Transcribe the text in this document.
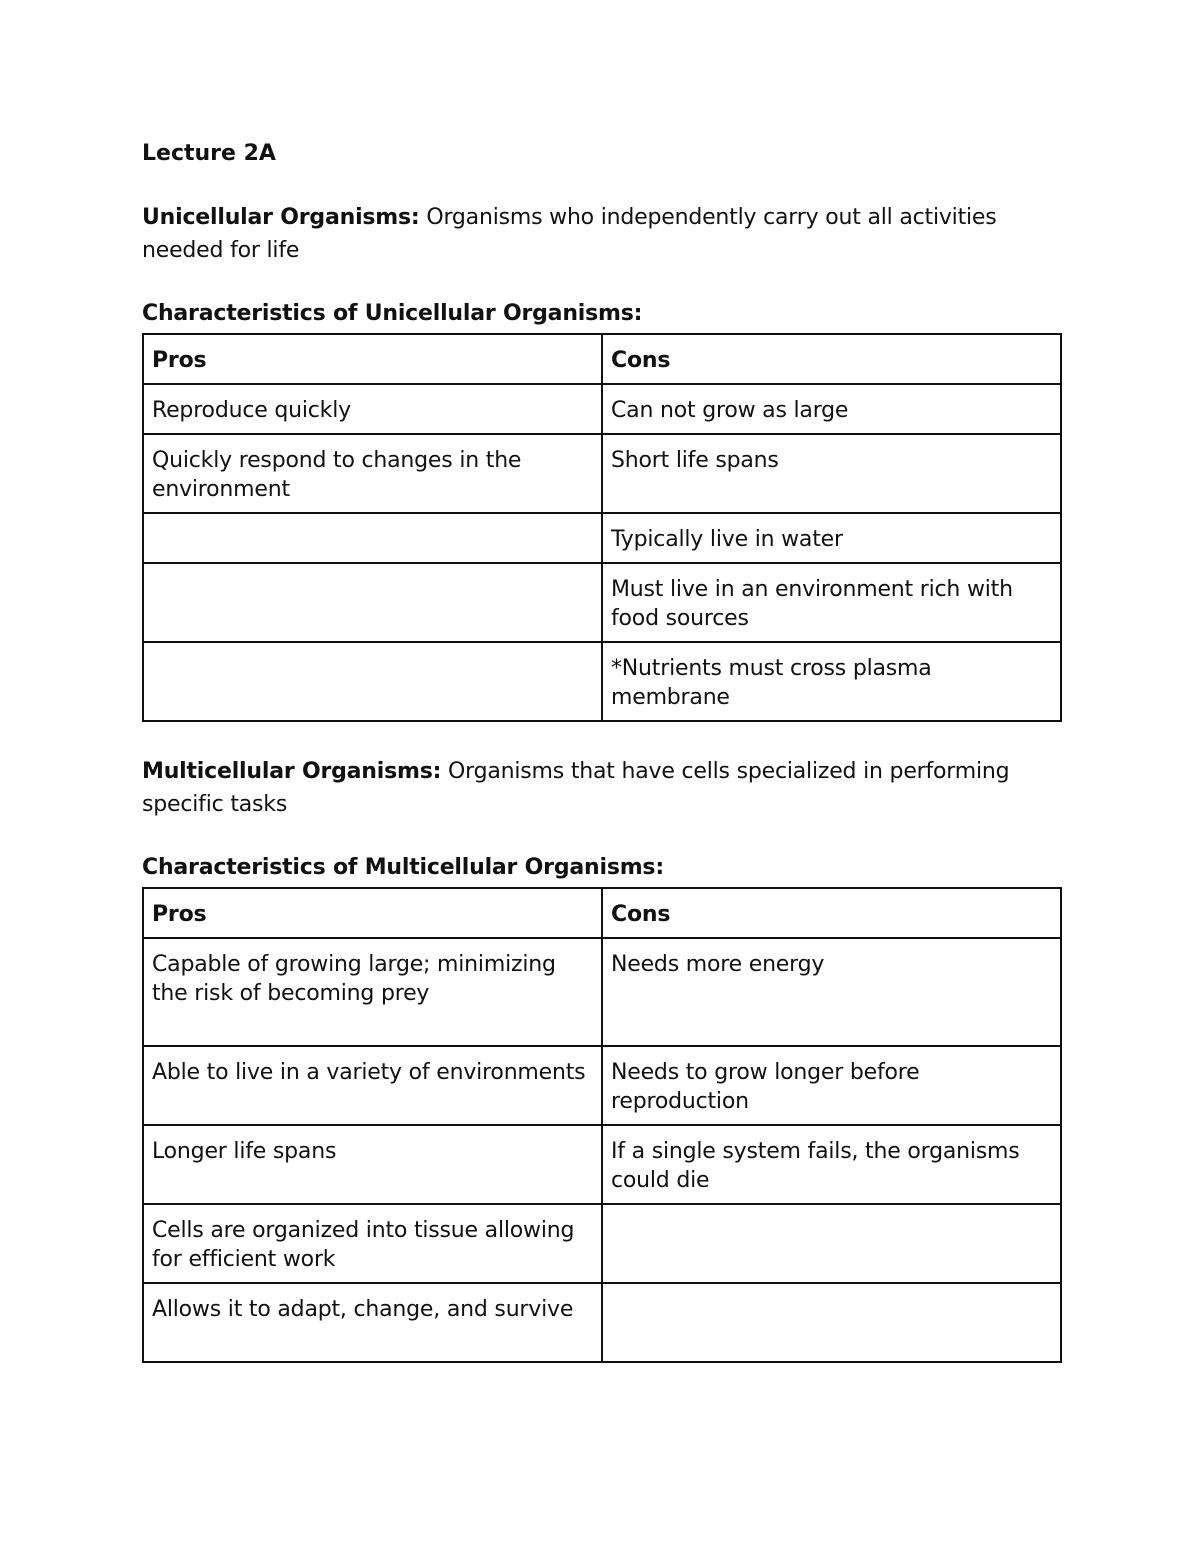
Lecture 2A

Unicellular Organisms: Organisms who independently carry out all activities needed for life

Characteristics of Unicellular Organisms:
Pros	Cons
Reproduce quickly	Can not grow as large
Quickly respond to changes in the environment	Short life spans
	Typically live in water
	Must live in an environment rich with food sources
	*Nutrients must cross plasma membrane

Multicellular Organisms: Organisms that have cells specialized in performing specific tasks

Characteristics of Multicellular Organisms:
Pros	Cons
Capable of growing large; minimizing the risk of becoming prey	Needs more energy
Able to live in a variety of environments	Needs to grow longer before reproduction
Longer life spans	If a single system fails, the organisms could die
Cells are organized into tissue allowing for efficient work	
Allows it to adapt, change, and survive	
